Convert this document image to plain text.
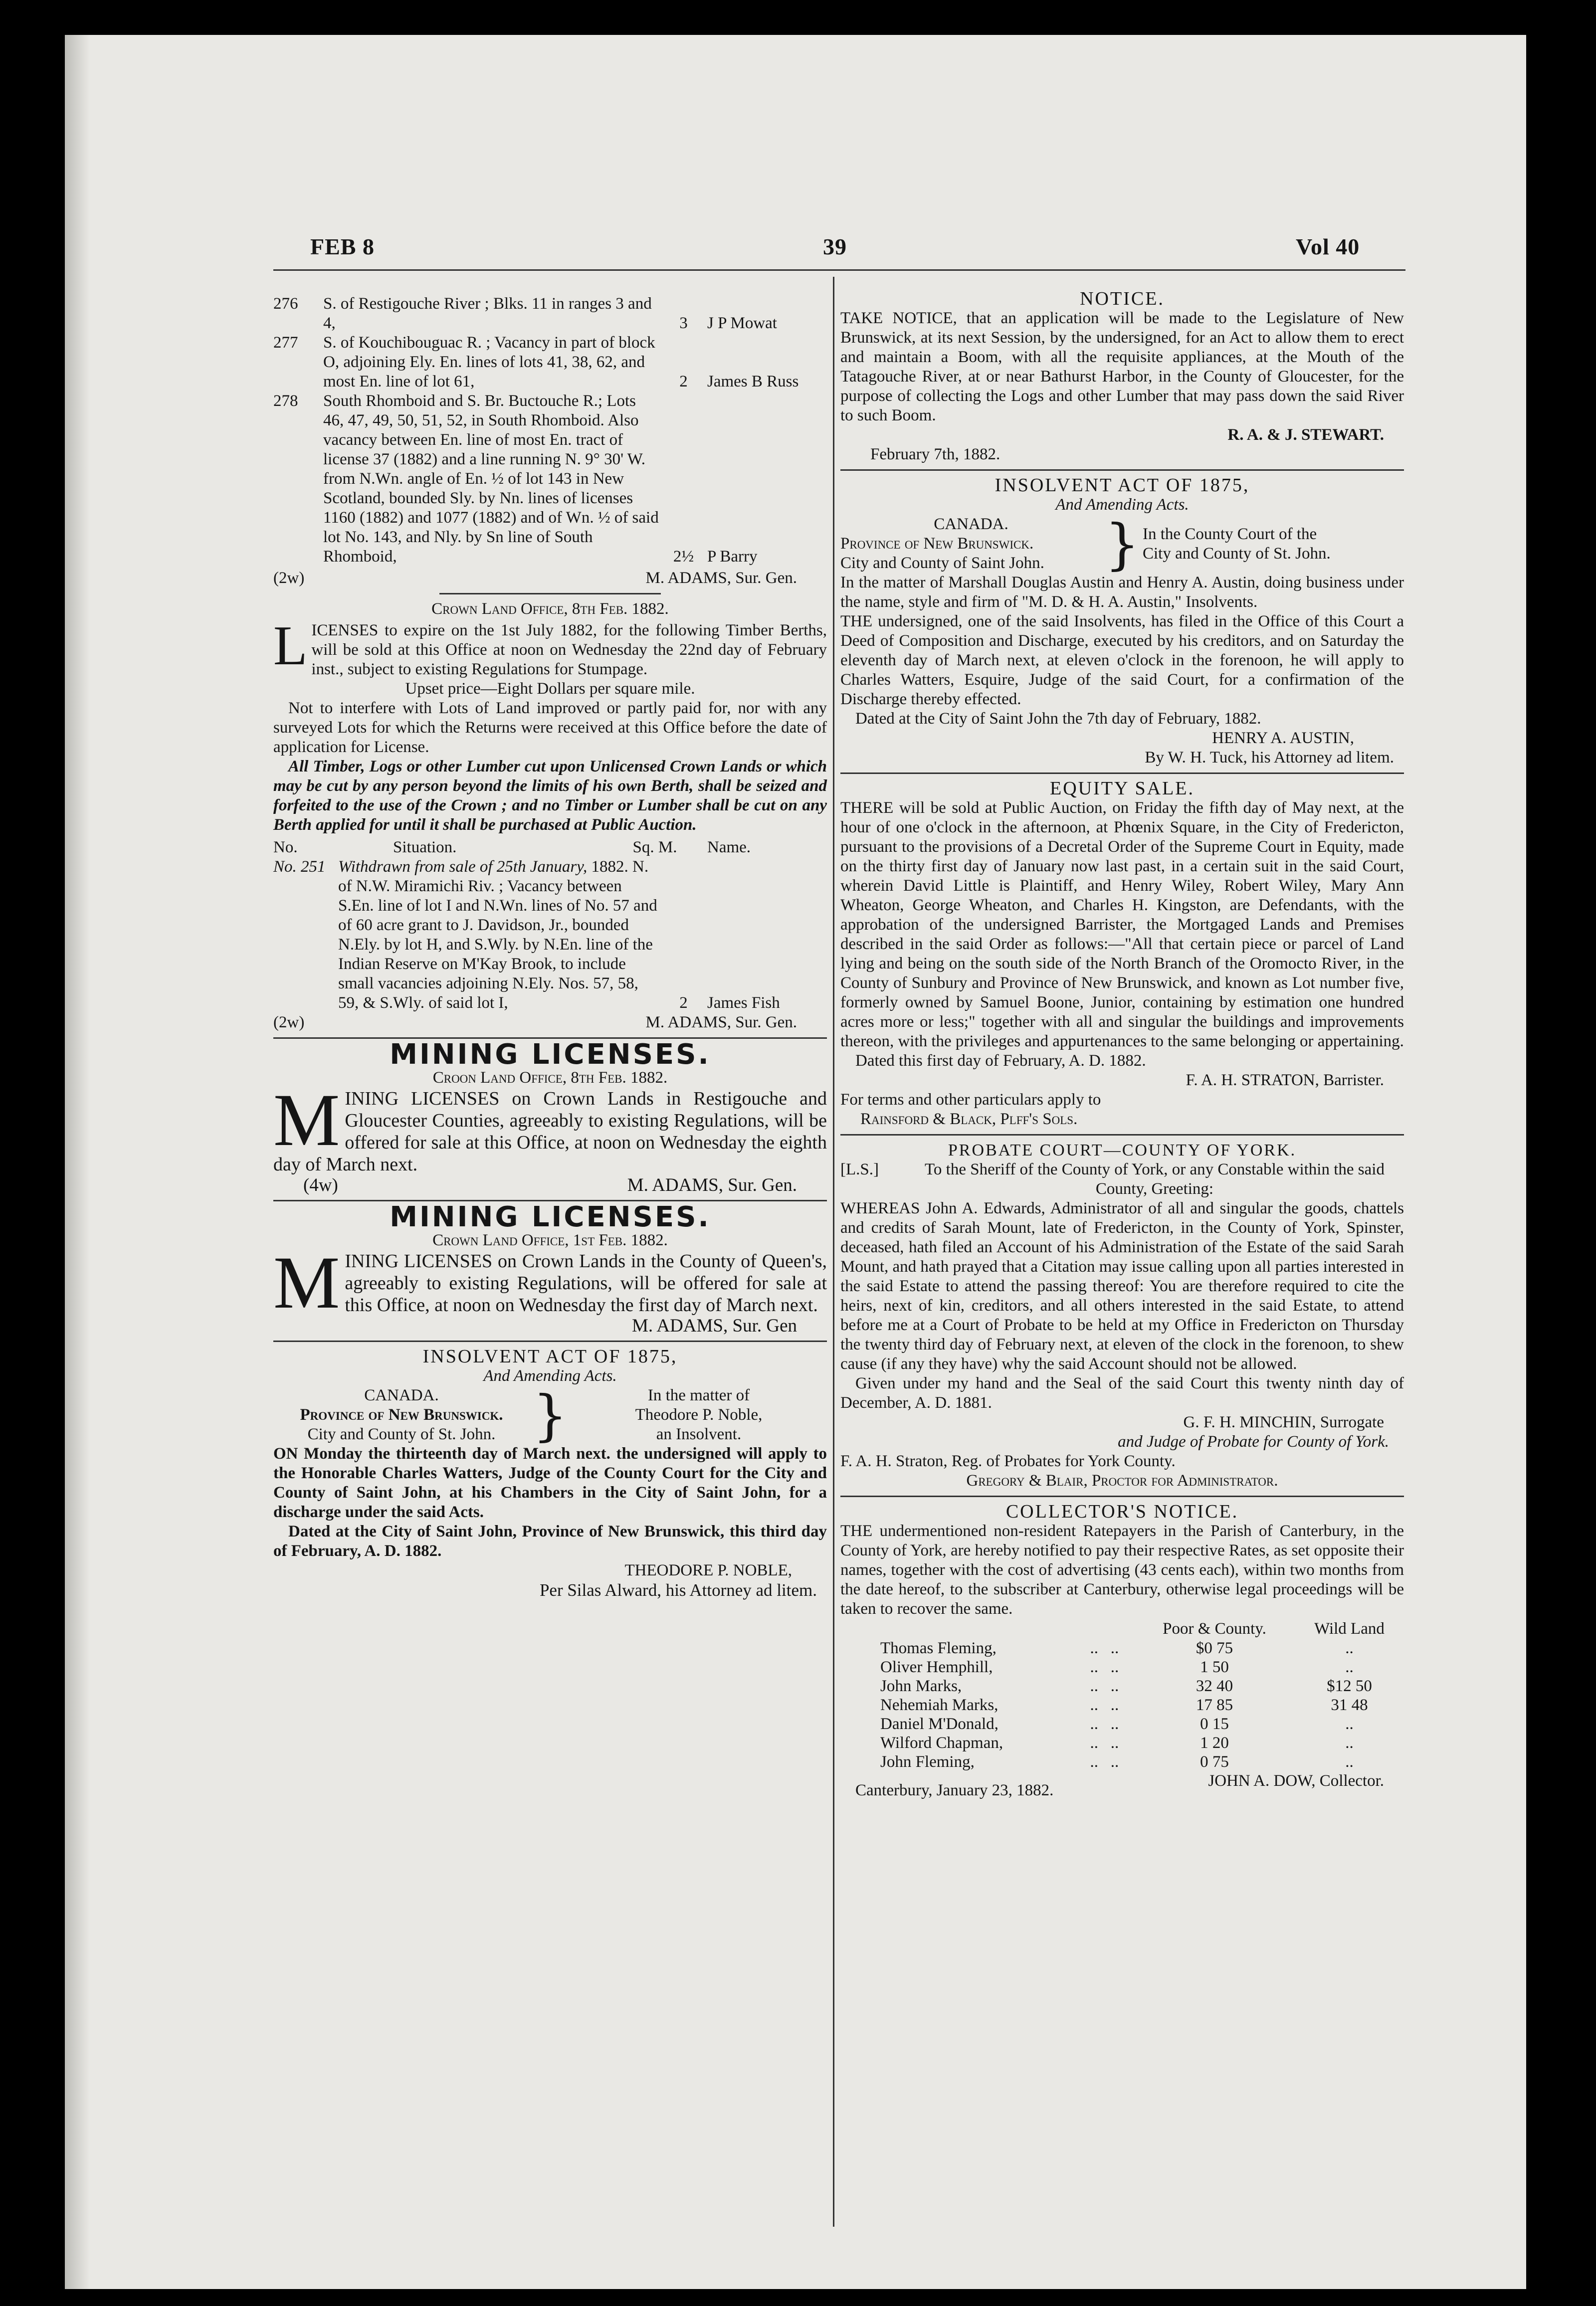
FEB 8	39	Vol 40
276	S. of Restigouche River ; Blks. 11 in ranges 3 and 4,	3	J P Mowat
277	S. of Kouchibouguac R. ; Vacancy in part of block O, adjoining Ely. En. lines of lots 41, 38, 62, and most En. line of lot 61,	2	James B Russ
278	South Rhomboid and S. Br. Buctouche R.; Lots 46, 47, 49, 50, 51, 52, in South Rhomboid. Also vacancy between En. line of most En. tract of license 37 (1882) and a line running N. 9° 30' W. from N.Wn. angle of En. ½ of lot 143 in New Scotland, bounded Sly. by Nn. lines of licenses 1160 (1882) and 1077 (1882) and of Wn. ½ of said lot No. 143, and Nly. by Sn line of South Rhomboid,	2½ P Barry
(2w)	M. ADAMS, Sur. Gen.
Crown Land Office, 8th Feb. 1882.
L ICENSES to expire on the 1st July 1882, for the following Timber Berths, will be sold at this Office at noon on Wednesday the 22nd day of February inst., subject to existing Regulations for Stumpage.
Upset price—Eight Dollars per square mile.
Not to interfere with Lots of Land improved or partly paid for, nor with any surveyed Lots for which the Returns were received at this Office before the date of application for License.
All Timber, Logs or other Lumber cut upon Unlicensed Crown Lands or which may be cut by any person beyond the limits of his own Berth, shall be seized and forfeited to the use of the Crown ; and no Timber or Lumber shall be cut on any Berth applied for until it shall be purchased at Public Auction.
No.	Situation.	Sq. M.	Name.
No. 251 Withdrawn from sale of 25th January, 1882. N. of N.W. Miramichi Riv. ; Vacancy between S.En. line of lot I and N.Wn. lines of No. 57 and of 60 acre grant to J. Davidson, Jr., bounded N.Ely. by lot H, and S.Wly. by N.En. line of the Indian Reserve on M'Kay Brook, to include small vacancies adjoining N.Ely. Nos. 57, 58, 59, & S.Wly. of said lot I,	2	James Fish
(2w)	M. ADAMS, Sur. Gen.
MINING LICENSES.
Croon Land Office, 8th Feb. 1882.
M INING LICENSES on Crown Lands in Restigouche and Gloucester Counties, agreeably to existing Regulations, will be offered for sale at this Office, at noon on Wednesday the eighth day of March next.
(4w)	M. ADAMS, Sur. Gen.
MINING LICENSES.
Crown Land Office, 1st Feb. 1882.
M INING LICENSES on Crown Lands in the County of Queen's, agreeably to existing Regulations, will be offered for sale at this Office, at noon on Wednesday the first day of March next.
M. ADAMS, Sur. Gen
INSOLVENT ACT OF 1875,
And Amending Acts.
CANADA.
Province of New Brunswick.
City and County of St. John. }	In the matter of
Theodore P. Noble,
an Insolvent.
ON Monday the thirteenth day of March next. the undersigned will apply to the Honorable Charles Watters, Judge of the County Court for the City and County of Saint John, at his Chambers in the City of Saint John, for a discharge under the said Acts.
Dated at the City of Saint John, Province of New Brunswick, this third day of February, A. D. 1882.
THEODORE P. NOBLE,
Per Silas Alward, his Attorney ad litem.
NOTICE.
TAKE NOTICE, that an application will be made to the Legislature of New Brunswick, at its next Session, by the undersigned, for an Act to allow them to erect and maintain a Boom, with all the requisite appliances, at the Mouth of the Tatagouche River, at or near Bathurst Harbor, in the County of Gloucester, for the purpose of collecting the Logs and other Lumber that may pass down the said River to such Boom.
R. A. & J. STEWART.
February 7th, 1882.
INSOLVENT ACT OF 1875,
And Amending Acts.
CANADA.
Province of New Brunswick.
City and County of Saint John.	} In the County Court of the
City and County of St. John.
In the matter of Marshall Douglas Austin and Henry A. Austin, doing business under the name, style and firm of "M. D. & H. A. Austin," Insolvents.
THE undersigned, one of the said Insolvents, has filed in the Office of this Court a Deed of Composition and Discharge, executed by his creditors, and on Saturday the eleventh day of March next, at eleven o'clock in the forenoon, he will apply to Charles Watters, Esquire, Judge of the said Court, for a confirmation of the Discharge thereby effected.
Dated at the City of Saint John the 7th day of February, 1882.
HENRY A. AUSTIN,
By W. H. Tuck, his Attorney ad litem.
EQUITY SALE.
THERE will be sold at Public Auction, on Friday the fifth day of May next, at the hour of one o'clock in the afternoon, at Phœnix Square, in the City of Fredericton, pursuant to the provisions of a Decretal Order of the Supreme Court in Equity, made on the thirty first day of January now last past, in a certain suit in the said Court, wherein David Little is Plaintiff, and Henry Wiley, Robert Wiley, Mary Ann Wheaton, George Wheaton, and Charles H. Kingston, are Defendants, with the approbation of the undersigned Barrister, the Mortgaged Lands and Premises described in the said Order as follows:—"All that certain piece or parcel of Land lying and being on the south side of the North Branch of the Oromocto River, in the County of Sunbury and Province of New Brunswick, and known as Lot number five, formerly owned by Samuel Boone, Junior, containing by estimation one hundred acres more or less;" together with all and singular the buildings and improvements thereon, with the privileges and appurtenances to the same belonging or appertaining.
Dated this first day of February, A. D. 1882.
F. A. H. STRATON, Barrister.
For terms and other particulars apply to
Rainsford & Black, Plff's Sols.
PROBATE COURT—COUNTY OF YORK.
[L.S.]	To the Sheriff of the County of York, or any Constable within the said County, Greeting:
WHEREAS John A. Edwards, Administrator of all and singular the goods, chattels and credits of Sarah Mount, late of Fredericton, in the County of York, Spinster, deceased, hath filed an Account of his Administration of the Estate of the said Sarah Mount, and hath prayed that a Citation may issue calling upon all parties interested in the said Estate to attend the passing thereof: You are therefore required to cite the heirs, next of kin, creditors, and all others interested in the said Estate, to attend before me at a Court of Probate to be held at my Office in Fredericton on Thursday the twenty third day of February next, at eleven of the clock in the forenoon, to shew cause (if any they have) why the said Account should not be allowed.
Given under my hand and the Seal of the said Court this twenty ninth day of December, A. D. 1881.
G. F. H. MINCHIN, Surrogate
and Judge of Probate for County of York.
F. A. H. Straton, Reg. of Probates for York County.
Gregory & Blair, Proctor for Administrator.
COLLECTOR'S NOTICE.
THE undermentioned non-resident Ratepayers in the Parish of Canterbury, in the County of York, are hereby notified to pay their respective Rates, as set opposite their names, together with the cost of advertising (43 cents each), within two months from the date hereof, to the subscriber at Canterbury, otherwise legal proceedings will be taken to recover the same.
		Poor & County.	Wild Land
Thomas Fleming,	..   ..	$0 75	..
Oliver Hemphill,	..   ..	1 50	..
John Marks,	..   ..	32 40	$12 50
Nehemiah Marks,	..   ..	17 85	31 48
Daniel M'Donald,	..   ..	0 15	..
Wilford Chapman,	..   ..	1 20	..
John Fleming,	..   ..	0 75	..
JOHN A. DOW, Collector.
Canterbury, January 23, 1882.
